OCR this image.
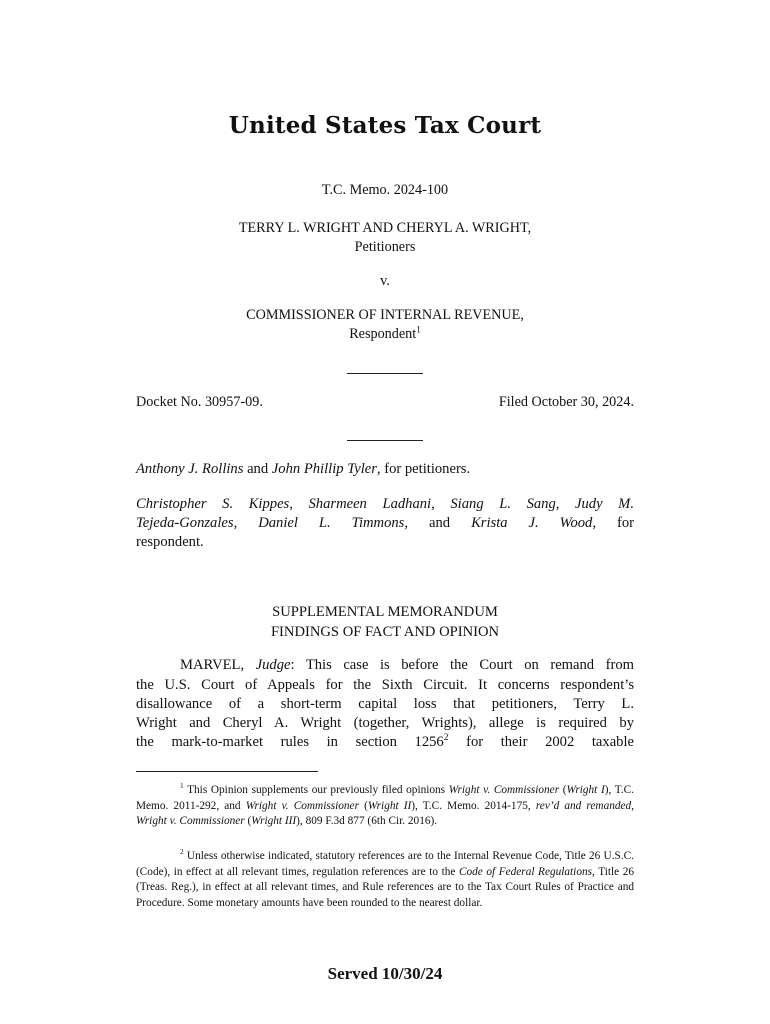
United States Tax Court
T.C. Memo. 2024-100
TERRY L. WRIGHT AND CHERYL A. WRIGHT,
Petitioners
v.
COMMISSIONER OF INTERNAL REVENUE,
Respondent$^1$
Docket No. 30957-09.	Filed October 30, 2024.
Anthony J. Rollins and John Phillip Tyler, for petitioners.
Christopher S. Kippes, Sharmeen Ladhani, Siang L. Sang, Judy M.
Tejeda-Gonzales, Daniel L. Timmons, and Krista J. Wood, for
respondent.
SUPPLEMENTAL MEMORANDUM
FINDINGS OF FACT AND OPINION
MARVEL, Judge: This case is before the Court on remand from
the U.S. Court of Appeals for the Sixth Circuit. It concerns respondent’s
disallowance of a short-term capital loss that petitioners, Terry L.
Wright and Cheryl A. Wright (together, Wrights), allege is required by
the mark-to-market rules in section 1256$^2$ for their 2002 taxable
$^1$ This Opinion supplements our previously filed opinions Wright v. Commissioner (Wright I), T.C. Memo. 2011-292, and Wright v. Commissioner (Wright II), T.C. Memo. 2014-175, rev’d and remanded, Wright v. Commissioner (Wright III), 809 F.3d 877 (6th Cir. 2016).
$^2$ Unless otherwise indicated, statutory references are to the Internal Revenue Code, Title 26 U.S.C. (Code), in effect at all relevant times, regulation references are to the Code of Federal Regulations, Title 26 (Treas. Reg.), in effect at all relevant times, and Rule references are to the Tax Court Rules of Practice and Procedure. Some monetary amounts have been rounded to the nearest dollar.
Served 10/30/24
